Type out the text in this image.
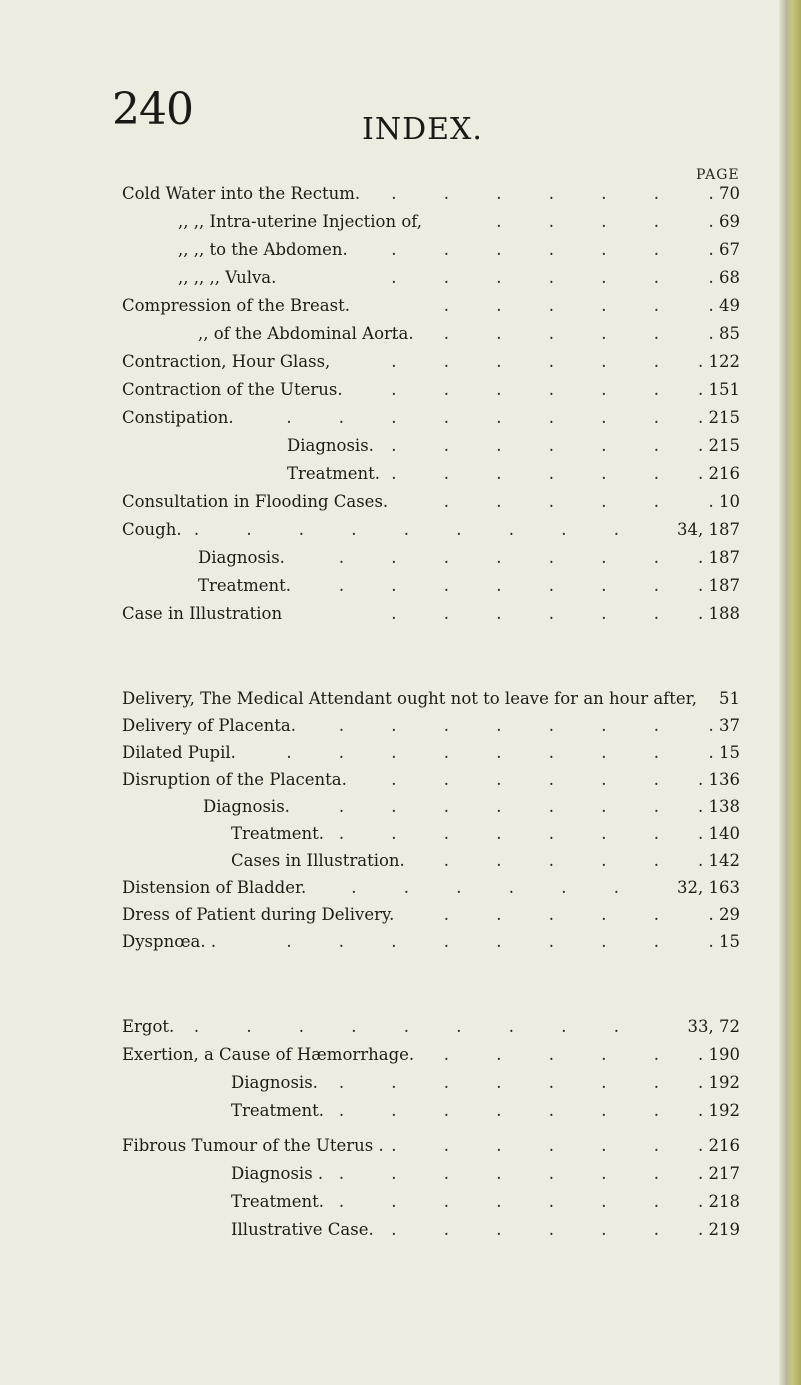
240	INDEX.
PAGE
. . . . . .
Cold Water into the Rectum.	. 70
. . . .
,, ,, Intra-uterine Injection of,	. 69
. . . . . .
,, ,, to the Abdomen.	. 67
. . . . . .
,, ,, ,, Vulva.	. 68
. . . . .
Compression of the Breast.	. 49
. . . . . .
,, of the Abdominal Aorta.	. 85
. . . . . .
Contraction, Hour Glass,	. 122
. . . . . .
Contraction of the Uterus.	. 151
. . . . . . . .
Constipation.	. 215
. . . . . .
Diagnosis.	. 215
. . . . . .
Treatment.	. 216
. . . . .
Consultation in Flooding Cases.	. 10
. . . . . . . . .
Cough.	34, 187
. . . . . . .
Diagnosis.	. 187
. . . . . . .
Treatment.	. 187
. . . . . .
Case in Illustration	. 188
Delivery, The Medical Attendant ought not to leave for an hour after,	51
. . . . . . .
Delivery of Placenta.	. 37
. . . . . . . .
Dilated Pupil.	. 15
. . . . . .
Disruption of the Placenta.	. 136
. . . . . . .
Diagnosis.	. 138
. . . . . . .
Treatment.	. 140
. . . . .
Cases in Illustration.	. 142
. . . . . .
Distension of Bladder.	32, 163
. . . . .
Dress of Patient during Delivery.	. 29
. . . . . . . .
Dyspnœa. .	. 15
. . . . . . . . .
Ergot.	33, 72
. . . . .
Exertion, a Cause of Hæmorrhage.	. 190
. . . . . . .
Diagnosis.	. 192
. . . . . . .
Treatment.	. 192
. . . . . .
Fibrous Tumour of the Uterus .	. 216
. . . . . . .
Diagnosis .	. 217
. . . . . . .
Treatment.	. 218
. . . . . .
Illustrative Case.	. 219
